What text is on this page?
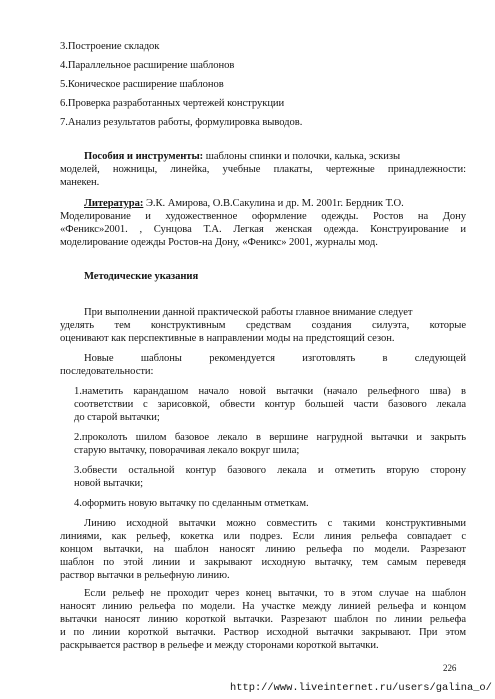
3.Построение складок
4.Параллельное расширение шаблонов
5.Коническое расширение шаблонов
6.Проверка разработанных чертежей конструкции
7.Анализ результатов работы, формулировка выводов.
Пособия и инструменты: шаблоны спинки и полочки, калька, эскизы
моделей, ножницы, линейка, учебные плакаты, чертежные принадлежности:
манекен.
Литература: Э.К. Амирова, О.В.Сакулина и др. М. 2001г. Бердник Т.О.
Моделирование и художественное оформление одежды. Ростов на Дону
«Феникс»2001. , Сунцова Т.А. Легкая женская одежда. Конструирование и
моделирование одежды Ростов-на Дону, «Феникс» 2001, журналы мод.
Методические указания
При выполнении данной практической работы главное внимание следует
уделять тем конструктивным средствам создания силуэта, которые
оценивают как перспективные в направлении моды на предстоящий сезон.
Новые шаблоны рекомендуется изготовлять в следующей
последовательности:
1.наметить карандашом начало новой вытачки (начало рельефного шва) в
соответствии с зарисовкой, обвести контур большей части базового лекала
до старой вытачки;
2.проколоть шилом базовое лекало в вершине нагрудной вытачки и закрыть
старую вытачку, поворачивая лекало вокруг шила;
3.обвести остальной контур базового лекала и отметить вторую сторону
новой вытачки;
4.оформить новую вытачку по сделанным отметкам.
Линию исходной вытачки можно совместить с такими конструктивными
линиями, как рельеф, кокетка или подрез. Если линия рельефа совпадает с
концом вытачки, на шаблон наносят линию рельефа по модели. Разрезают
шаблон по этой линии и закрывают исходную вытачку, тем самым переведя
раствор вытачки в рельефную линию.
Если рельеф не проходит через конец вытачки, то в этом случае на шаблон
наносят линию рельефа по модели. На участке между линией рельефа и концом
вытачки наносят линию короткой вытачки. Разрезают шаблон по линии рельефа
и по линии короткой вытачки. Раствор исходной вытачки закрывают. При этом
раскрывается раствор в рельефе и между сторонами короткой вытачки.
226
http://www.liveinternet.ru/users/galina_o/
